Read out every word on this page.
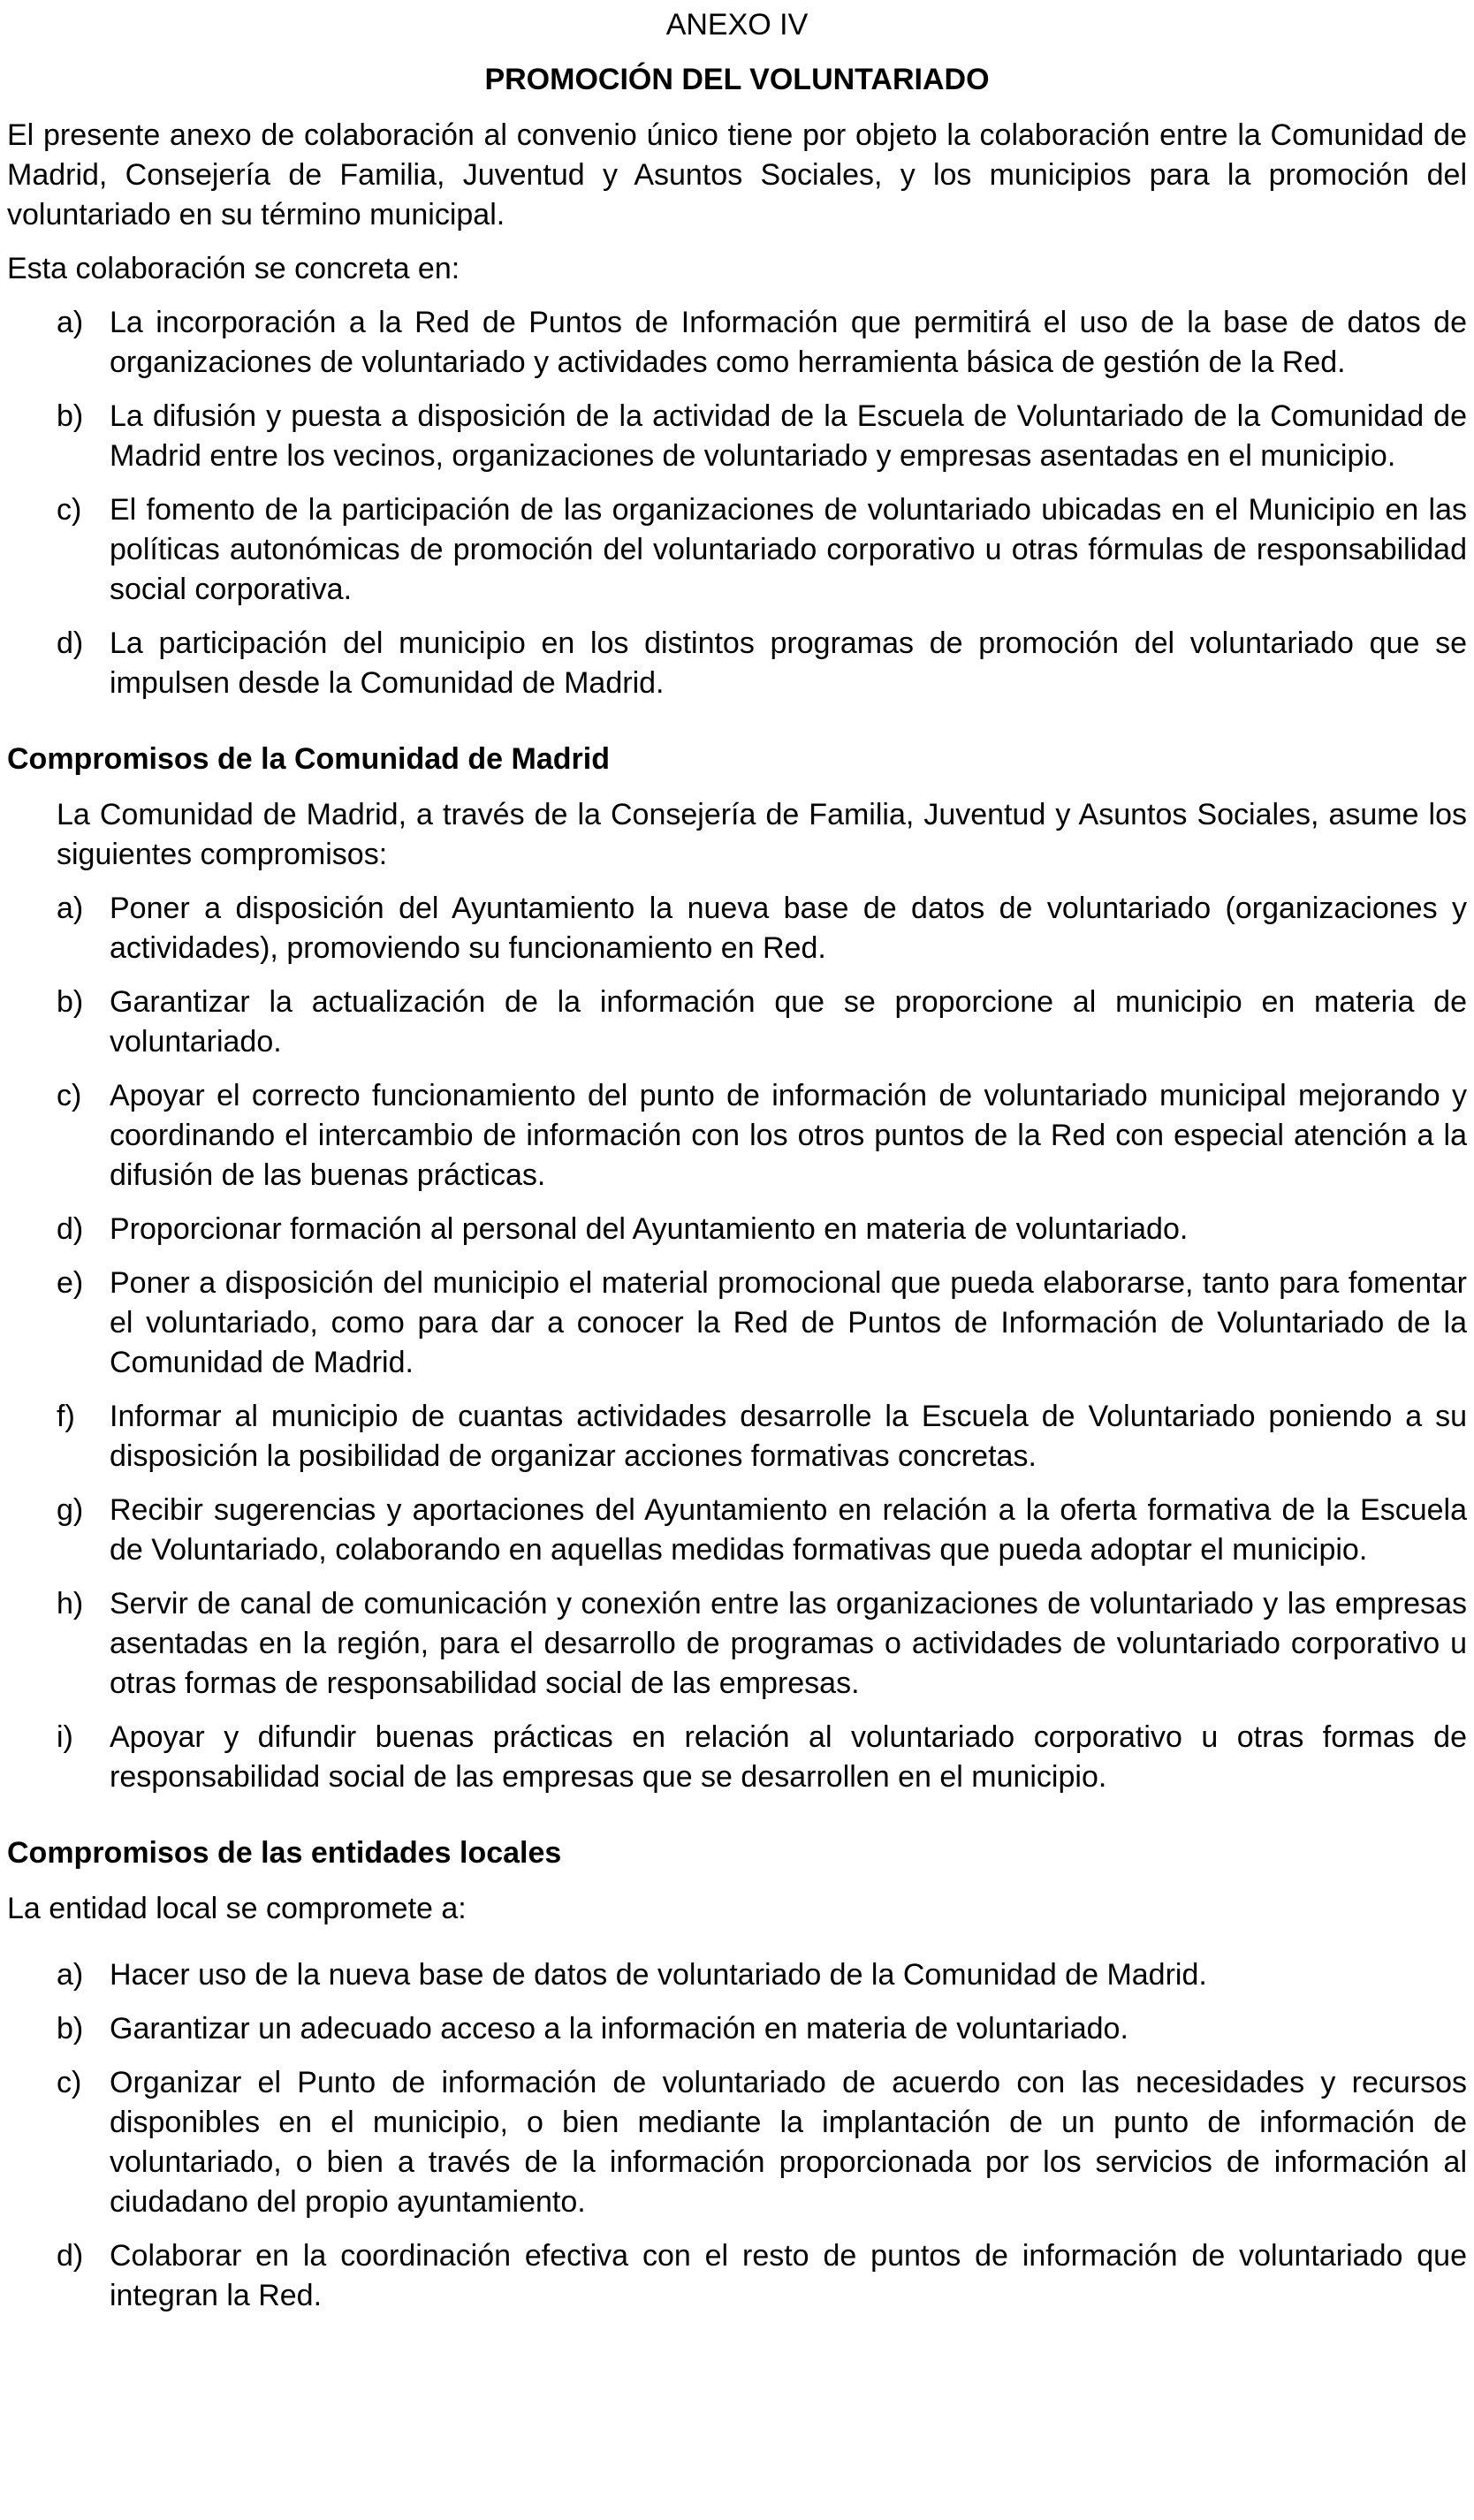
ANEXO IV
PROMOCIÓN DEL VOLUNTARIADO

El presente anexo de colaboración al convenio único tiene por objeto la colaboración entre la Comunidad de Madrid, Consejería de Familia, Juventud y Asuntos Sociales, y los municipios para la promoción del voluntariado en su término municipal.

Esta colaboración se concreta en:

a) La incorporación a la Red de Puntos de Información que permitirá el uso de la base de datos de organizaciones de voluntariado y actividades como herramienta básica de gestión de la Red.
b) La difusión y puesta a disposición de la actividad de la Escuela de Voluntariado de la Comunidad de Madrid entre los vecinos, organizaciones de voluntariado y empresas asentadas en el municipio.
c) El fomento de la participación de las organizaciones de voluntariado ubicadas en el Municipio en las políticas autonómicas de promoción del voluntariado corporativo u otras fórmulas de responsabilidad social corporativa.
d) La participación del municipio en los distintos programas de promoción del voluntariado que se impulsen desde la Comunidad de Madrid.
Compromisos de la Comunidad de Madrid

La Comunidad de Madrid, a través de la Consejería de Familia, Juventud y Asuntos Sociales, asume los siguientes compromisos:

a) Poner a disposición del Ayuntamiento la nueva base de datos de voluntariado (organizaciones y actividades), promoviendo su funcionamiento en Red.
b) Garantizar la actualización de la información que se proporcione al municipio en materia de voluntariado.
c) Apoyar el correcto funcionamiento del punto de información de voluntariado municipal mejorando y coordinando el intercambio de información con los otros puntos de la Red con especial atención a la difusión de las buenas prácticas.
d) Proporcionar formación al personal del Ayuntamiento en materia de voluntariado.
e) Poner a disposición del municipio el material promocional que pueda elaborarse, tanto para fomentar el voluntariado, como para dar a conocer la Red de Puntos de Información de Voluntariado de la Comunidad de Madrid.
f) Informar al municipio de cuantas actividades desarrolle la Escuela de Voluntariado poniendo a su disposición la posibilidad de organizar acciones formativas concretas.
g) Recibir sugerencias y aportaciones del Ayuntamiento en relación a la oferta formativa de la Escuela de Voluntariado, colaborando en aquellas medidas formativas que pueda adoptar el municipio.
h) Servir de canal de comunicación y conexión entre las organizaciones de voluntariado y las empresas asentadas en la región, para el desarrollo de programas o actividades de voluntariado corporativo u otras formas de responsabilidad social de las empresas.
i) Apoyar y difundir buenas prácticas en relación al voluntariado corporativo u otras formas de responsabilidad social de las empresas que se desarrollen en el municipio.
Compromisos de las entidades locales

La entidad local se compromete a:

a) Hacer uso de la nueva base de datos de voluntariado de la Comunidad de Madrid.
b) Garantizar un adecuado acceso a la información en materia de voluntariado.
c) Organizar el Punto de información de voluntariado de acuerdo con las necesidades y recursos disponibles en el municipio, o bien mediante la implantación de un punto de información de voluntariado, o bien a través de la información proporcionada por los servicios de información al ciudadano del propio ayuntamiento.
d) Colaborar en la coordinación efectiva con el resto de puntos de información de voluntariado que integran la Red.
